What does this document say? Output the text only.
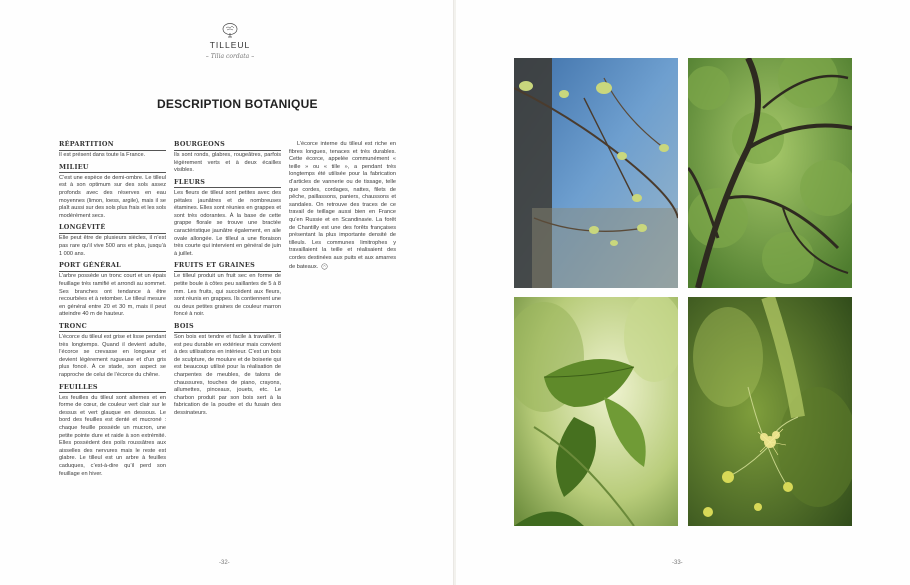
TILLEUL
– Tilia cordata –
DESCRIPTION BOTANIQUE
RÉPARTITION

Il est présent dans toute la France.

MILIEU

C’est une espèce de demi-ombre. Le tilleul est à son optimum sur des sols assez profonds avec des réserves en eau moyennes (limon, loess, argile), mais il se plaît aussi sur des sols plus frais et les sols modérément secs.

LONGÉVITÉ

Elle peut être de plusieurs siècles, il n’est pas rare qu’il vive 500 ans et plus, jusqu’à 1 000 ans.

PORT GÉNÉRAL

L’arbre possède un tronc court et un épais feuillage très ramifié et arrondi au sommet. Ses branches ont tendance à être recourbées et à retomber. Le tilleul mesure en général entre 20 et 30 m, mais il peut atteindre 40 m de hauteur.

TRONC

L’écorce du tilleul est grise et lisse pendant très longtemps. Quand il devient adulte, l’écorce se crevasse en longueur et devient légèrement rugueuse et d’un gris plus foncé. À ce stade, son aspect se rapproche de celui de l’écorce du chêne.

FEUILLES

Les feuilles du tilleul sont alternes et en forme de cœur, de couleur vert clair sur le dessus et vert glauque en dessous. Le bord des feuilles est denté et mucroné : chaque feuille possède un mucron, une petite pointe dure et raide à son extrémité. Elles possèdent des poils roussâtres aux aisselles des nervures mais le reste est glabre. Le tilleul est un arbre à feuilles caduques, c’est-à-dire qu’il perd son feuillage en hiver.

BOURGEONS

Ils sont ronds, glabres, rougeâtres, parfois légèrement verts et à deux écailles visibles.

FLEURS

Les fleurs de tilleul sont petites avec des pétales jaunâtres et de nombreuses étamines. Elles sont réunies en grappes et sont très odorantes. À la base de cette grappe florale se trouve une bractée caractéristique jaunâtre également, en aile ovale allongée. Le tilleul a une floraison très courte qui intervient en général de juin à juillet.

FRUITS ET GRAINES

Le tilleul produit un fruit sec en forme de petite boule à côtes peu saillantes de 5 à 8 mm. Les fruits, qui succèdent aux fleurs, sont réunis en grappes. Ils contiennent une ou deux petites graines de couleur marron foncé à noir.

BOIS

Son bois est tendre et facile à travailler. Il est peu durable en extérieur mais convient à des utilisations en intérieur. C’est un bois de sculpture, de moulure et de boiserie qui est beaucoup utilisé pour la réalisation de charpentes de meubles, de talons de chaussures, touches de piano, crayons, allumettes, pinceaux, jouets, etc. Le charbon produit par son bois sert à la fabrication de la poudre et du fusain des dessinateurs.

L’écorce interne du tilleul est riche en fibres longues, tenaces et très durables. Cette écorce, appelée communément « teille » ou « tille », a pendant très longtemps été utilisée pour la fabrication d’articles de vannerie ou de tissage, telle que cordes, cordages, nattes, filets de pêche, paillassons, paniers, chaussons et sandales. On retrouve des traces de ce travail de teillage aussi bien en France qu’en Russie et en Scandinavie. La forêt de Chantilly est une des forêts françaises présentant la plus importante densité de tilleuls. Les communes limitrophes y travaillaient la teille et réalisaient des cordes destinées aux puits et aux amarres de bateaux.

-32-	-33-
